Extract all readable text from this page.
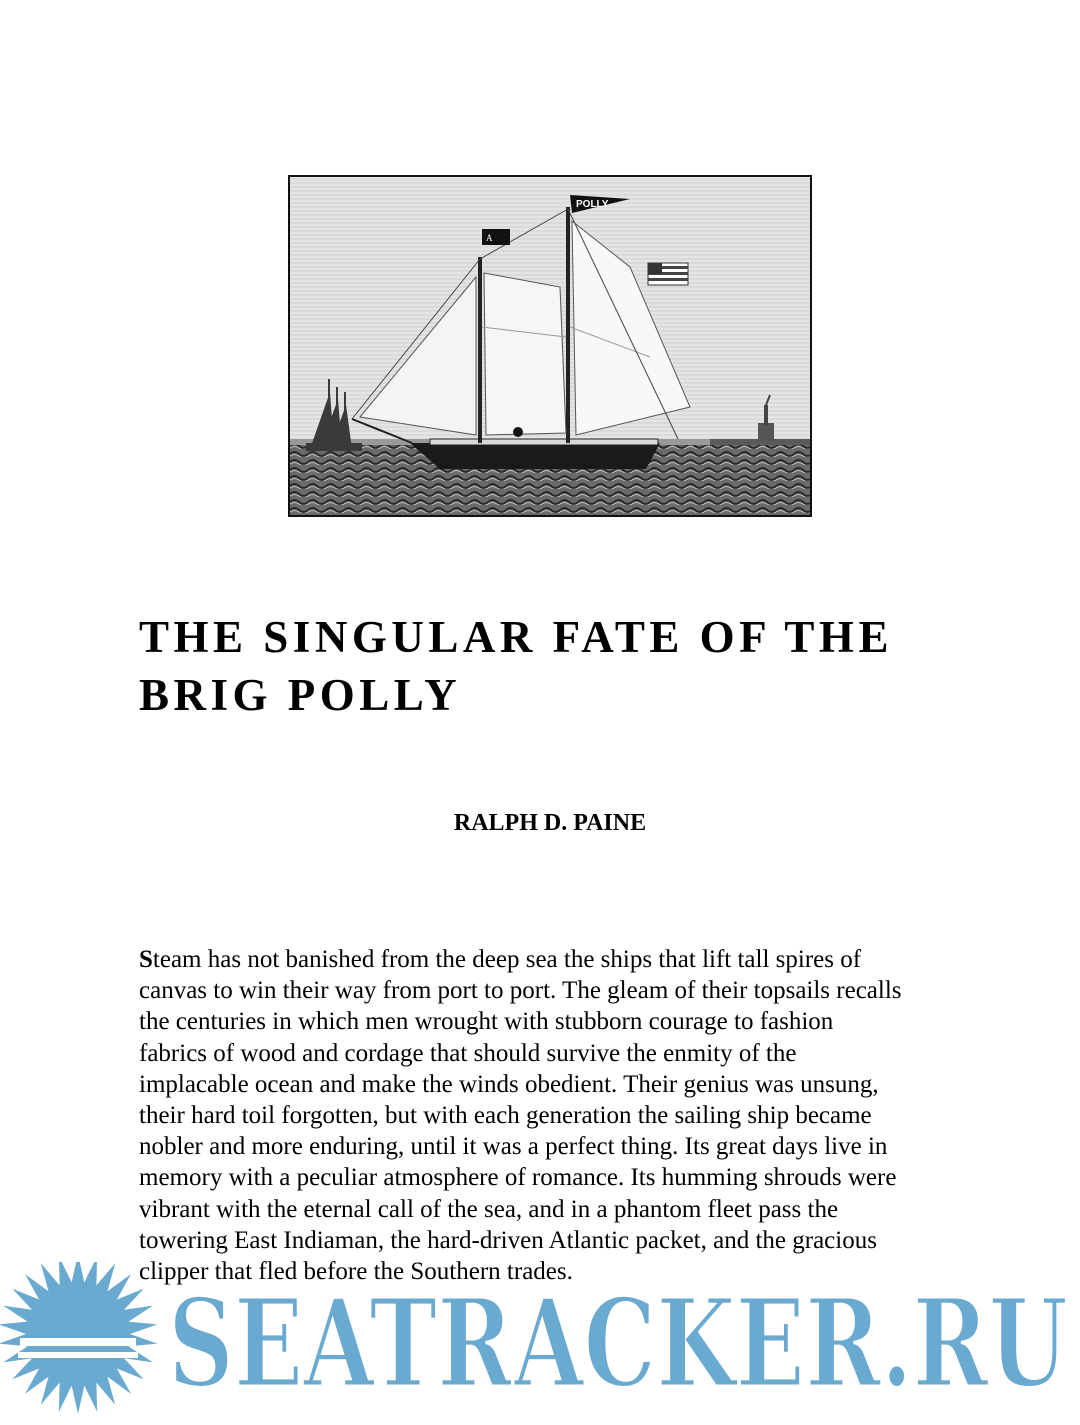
POLLY
A
THE SINGULAR FATE OF THE
BRIG POLLY

RALPH D. PAINE

Steam has not banished from the deep sea the ships that lift tall spires of
canvas to win their way from port to port. The gleam of their topsails recalls
the centuries in which men wrought with stubborn courage to fashion
fabrics of wood and cordage that should survive the enmity of the
implacable ocean and make the winds obedient. Their genius was unsung,
their hard toil forgotten, but with each generation the sailing ship became
nobler and more enduring, until it was a perfect thing. Its great days live in
memory with a peculiar atmosphere of romance. Its humming shrouds were
vibrant with the eternal call of the sea, and in a phantom fleet pass the
towering East Indiaman, the hard-driven Atlantic packet, and the gracious
clipper that fled before the Southern trades.

SEATRACKER.RU
